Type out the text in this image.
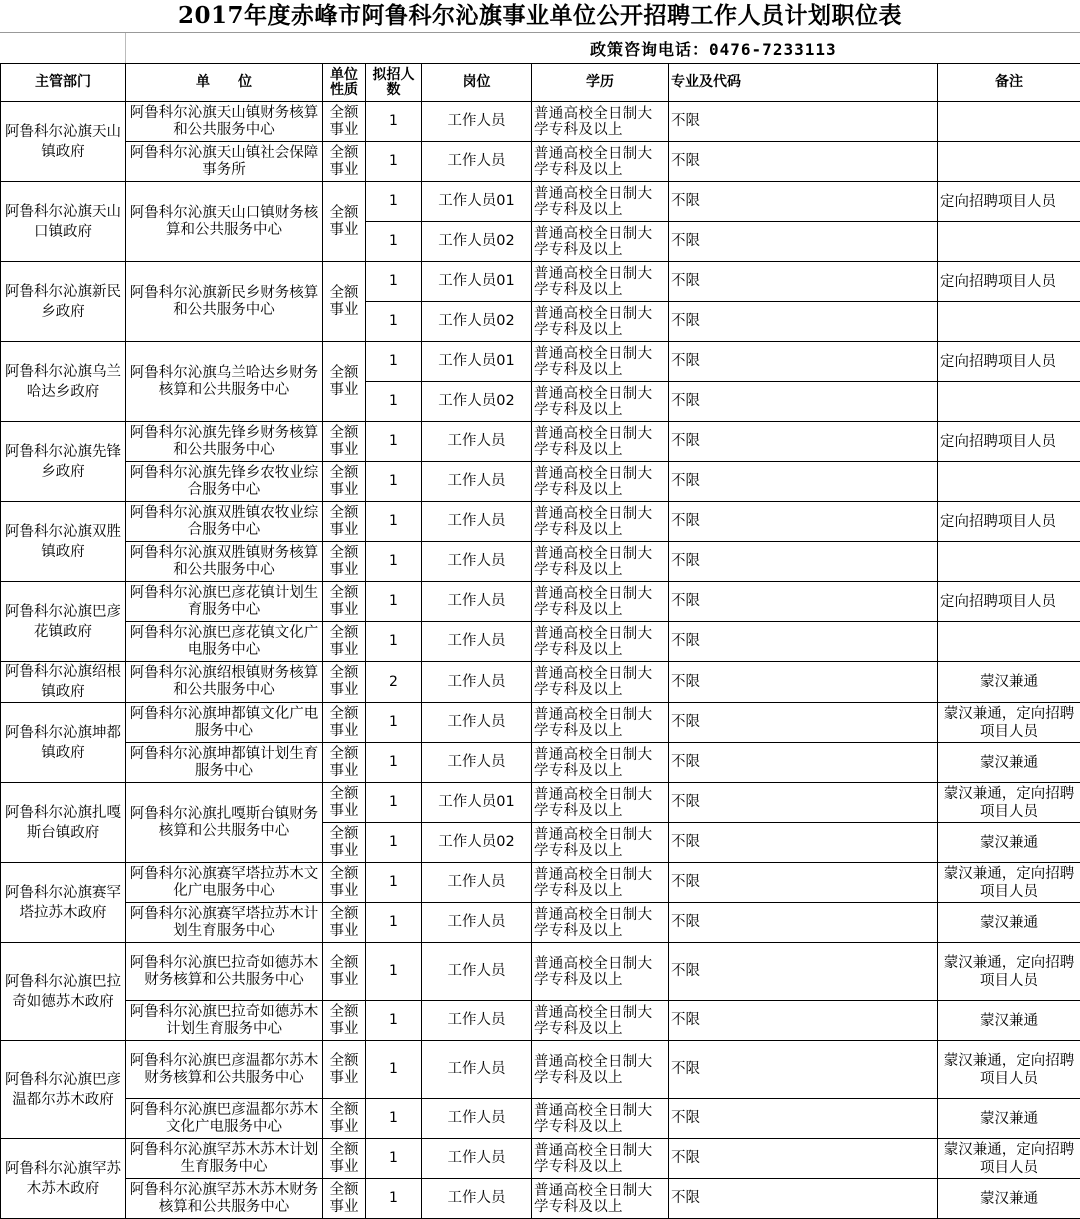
2017年度赤峰市阿鲁科尔沁旗事业单位公开招聘工作人员计划职位表
政策咨询电话：0476-7233113
主管部门	单　　位	单位性质	拟招人数	岗位	学历	专业及代码	备注
阿鲁科尔沁旗天山镇政府	阿鲁科尔沁旗天山镇财务核算和公共服务中心	全额事业	1	工作人员	普通高校全日制大学专科及以上	不限	
	阿鲁科尔沁旗天山镇社会保障事务所	全额事业	1	工作人员	普通高校全日制大学专科及以上	不限	
阿鲁科尔沁旗天山口镇政府	阿鲁科尔沁旗天山口镇财务核算和公共服务中心	全额事业	1	工作人员01	普通高校全日制大学专科及以上	不限	定向招聘项目人员
			1	工作人员02	普通高校全日制大学专科及以上	不限	
阿鲁科尔沁旗新民乡政府	阿鲁科尔沁旗新民乡财务核算和公共服务中心	全额事业	1	工作人员01	普通高校全日制大学专科及以上	不限	定向招聘项目人员
			1	工作人员02	普通高校全日制大学专科及以上	不限	
阿鲁科尔沁旗乌兰哈达乡政府	阿鲁科尔沁旗乌兰哈达乡财务核算和公共服务中心	全额事业	1	工作人员01	普通高校全日制大学专科及以上	不限	定向招聘项目人员
			1	工作人员02	普通高校全日制大学专科及以上	不限	
阿鲁科尔沁旗先锋乡政府	阿鲁科尔沁旗先锋乡财务核算和公共服务中心	全额事业	1	工作人员	普通高校全日制大学专科及以上	不限	定向招聘项目人员
	阿鲁科尔沁旗先锋乡农牧业综合服务中心	全额事业	1	工作人员	普通高校全日制大学专科及以上	不限	
阿鲁科尔沁旗双胜镇政府	阿鲁科尔沁旗双胜镇农牧业综合服务中心	全额事业	1	工作人员	普通高校全日制大学专科及以上	不限	定向招聘项目人员
	阿鲁科尔沁旗双胜镇财务核算和公共服务中心	全额事业	1	工作人员	普通高校全日制大学专科及以上	不限	
阿鲁科尔沁旗巴彦花镇政府	阿鲁科尔沁旗巴彦花镇计划生育服务中心	全额事业	1	工作人员	普通高校全日制大学专科及以上	不限	定向招聘项目人员
	阿鲁科尔沁旗巴彦花镇文化广电服务中心	全额事业	1	工作人员	普通高校全日制大学专科及以上	不限	
阿鲁科尔沁旗绍根镇政府	阿鲁科尔沁旗绍根镇财务核算和公共服务中心	全额事业	2	工作人员	普通高校全日制大学专科及以上	不限	蒙汉兼通
阿鲁科尔沁旗坤都镇政府	阿鲁科尔沁旗坤都镇文化广电服务中心	全额事业	1	工作人员	普通高校全日制大学专科及以上	不限	蒙汉兼通，定向招聘项目人员
	阿鲁科尔沁旗坤都镇计划生育服务中心	全额事业	1	工作人员	普通高校全日制大学专科及以上	不限	蒙汉兼通
阿鲁科尔沁旗扎嘎斯台镇政府	阿鲁科尔沁旗扎嘎斯台镇财务核算和公共服务中心	全额事业	1	工作人员01	普通高校全日制大学专科及以上	不限	蒙汉兼通，定向招聘项目人员
		全额事业	1	工作人员02	普通高校全日制大学专科及以上	不限	蒙汉兼通
阿鲁科尔沁旗赛罕塔拉苏木政府	阿鲁科尔沁旗赛罕塔拉苏木文化广电服务中心	全额事业	1	工作人员	普通高校全日制大学专科及以上	不限	蒙汉兼通，定向招聘项目人员
	阿鲁科尔沁旗赛罕塔拉苏木计划生育服务中心	全额事业	1	工作人员	普通高校全日制大学专科及以上	不限	蒙汉兼通
阿鲁科尔沁旗巴拉奇如德苏木政府	阿鲁科尔沁旗巴拉奇如德苏木财务核算和公共服务中心	全额事业	1	工作人员	普通高校全日制大学专科及以上	不限	蒙汉兼通，定向招聘项目人员
	阿鲁科尔沁旗巴拉奇如德苏木计划生育服务中心	全额事业	1	工作人员	普通高校全日制大学专科及以上	不限	蒙汉兼通
阿鲁科尔沁旗巴彦温都尔苏木政府	阿鲁科尔沁旗巴彦温都尔苏木财务核算和公共服务中心	全额事业	1	工作人员	普通高校全日制大学专科及以上	不限	蒙汉兼通，定向招聘项目人员
	阿鲁科尔沁旗巴彦温都尔苏木文化广电服务中心	全额事业	1	工作人员	普通高校全日制大学专科及以上	不限	蒙汉兼通
阿鲁科尔沁旗罕苏木苏木政府	阿鲁科尔沁旗罕苏木苏木计划生育服务中心	全额事业	1	工作人员	普通高校全日制大学专科及以上	不限	蒙汉兼通，定向招聘项目人员
	阿鲁科尔沁旗罕苏木苏木财务核算和公共服务中心	全额事业	1	工作人员	普通高校全日制大学专科及以上	不限	蒙汉兼通
